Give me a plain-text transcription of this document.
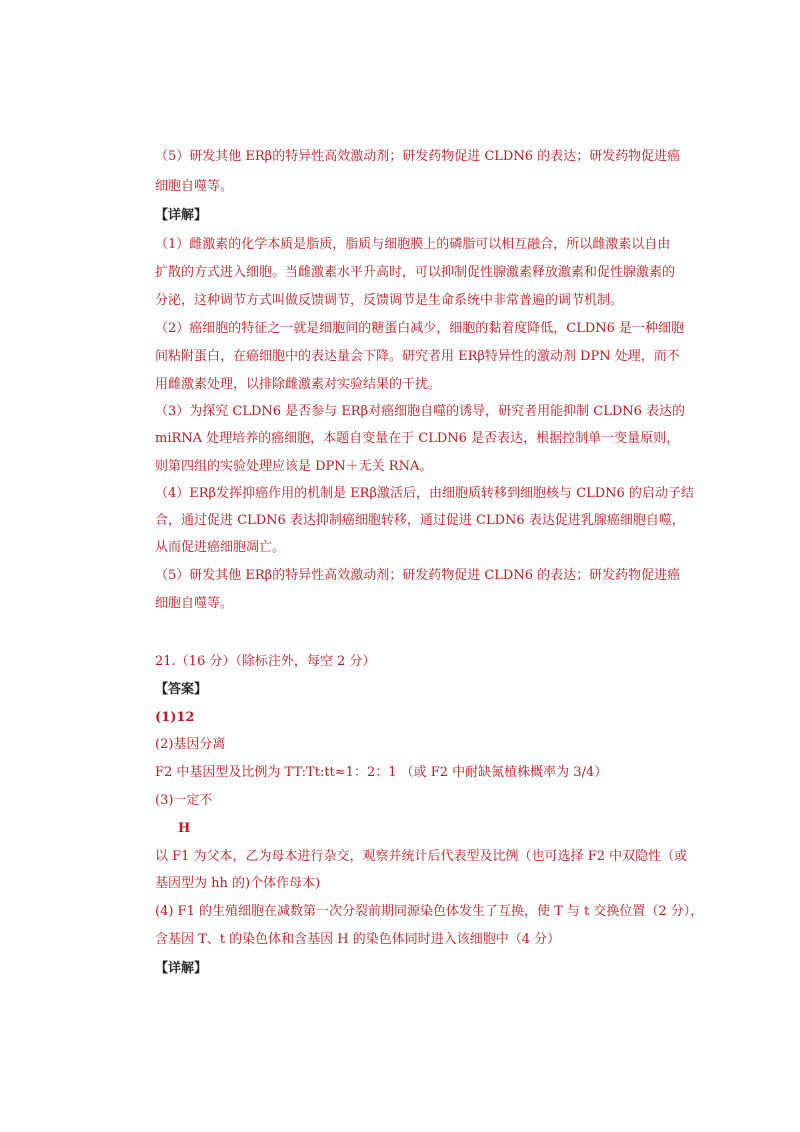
（5）研发其他 ERβ的特异性高效激动剂；研发药物促进 CLDN6 的表达；研发药物促进癌
细胞自噬等。
【详解】
（1）雌激素的化学本质是脂质，脂质与细胞膜上的磷脂可以相互融合，所以雌激素以自由
扩散的方式进入细胞。当雌激素水平升高时，可以抑制促性腺激素释放激素和促性腺激素的
分泌，这种调节方式叫做反馈调节，反馈调节是生命系统中非常普遍的调节机制。
（2）癌细胞的特征之一就是细胞间的糖蛋白减少，细胞的黏着度降低，CLDN6 是一种细胞
间粘附蛋白，在癌细胞中的表达量会下降。研究者用 ERβ特异性的激动剂 DPN 处理，而不
用雌激素处理，以排除雌激素对实验结果的干扰。
（3）为探究 CLDN6 是否参与 ERβ对癌细胞自噬的诱导，研究者用能抑制 CLDN6 表达的
miRNA 处理培养的癌细胞，本题自变量在于 CLDN6 是否表达，根据控制单一变量原则，
则第四组的实验处理应该是 DPN＋无关 RNA。
（4）ERβ发挥抑癌作用的机制是 ERβ激活后，由细胞质转移到细胞核与 CLDN6 的启动子结
合，通过促进 CLDN6 表达抑制癌细胞转移，通过促进 CLDN6 表达促进乳腺癌细胞自噬，
从而促进癌细胞凋亡。
（5）研发其他 ERβ的特异性高效激动剂；研发药物促进 CLDN6 的表达；研发药物促进癌
细胞自噬等。
21.（16 分）（除标注外，每空 2 分）
【答案】
(1)12
(2)基因分离
F2 中基因型及比例为 TT:Tt:tt≈1：2：1 （或 F2 中耐缺氮植株概率为 3/4）
(3)一定不
H
以 F1 为父本，乙为母本进行杂交，观察并统计后代表型及比例（也可选择 F2 中双隐性（或
基因型为 hh 的)个体作母本)
(4) F1 的生殖细胞在减数第一次分裂前期同源染色体发生了互换，使 T 与 t 交换位置（2 分），
含基因 T、t 的染色体和含基因 H 的染色体同时进入该细胞中（4 分）
【详解】
